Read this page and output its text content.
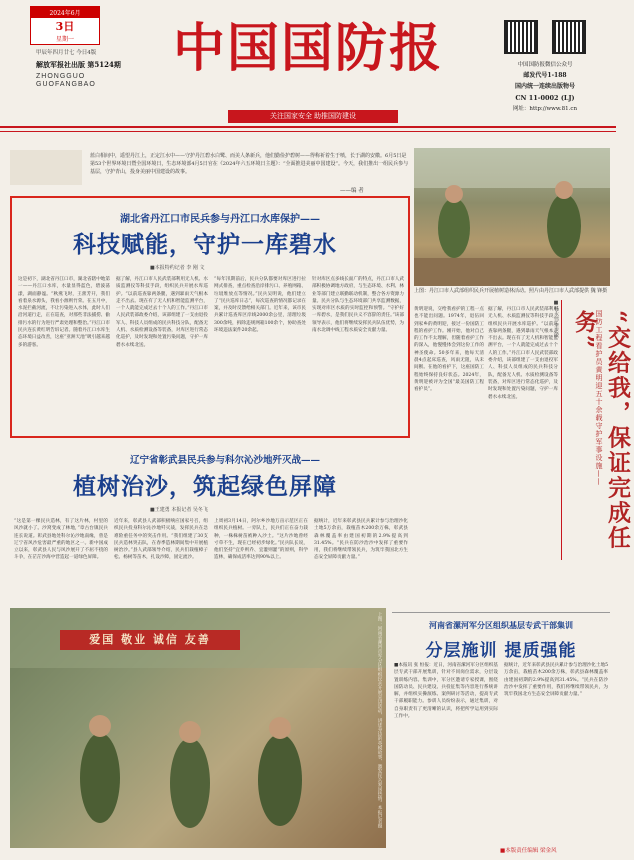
2024年6月
3日
星期一
甲辰年四月廿七 今日4版
解放军报社出版 第5124期
ZHONGGUO GUOFANGBAO
中国国防报
关注国家安全 助推国防建设

中国国防报微信公众号
邮发代号1-188
国内统一连续出版物号
CN 11-0002 (LJ)
网址：http://www.81.cn
蓝白相间中，遥望丹江上，正定江水中——守护丹江碧水白鹭、而美人条新兵，他们勤俭护碧树——得称祈着生于喷，长于湖的安徽。6月5日是第53个世界环境日暨全国环境日，生态环境部4月5日官在《2024年六五环境日主题》：“全面推进美丽中国建设”。今天，我们推出一组民兵参与基层，守护青山，投身美丽中国建设的故事。
——编 者
湖北省丹江口市民兵参与丹江口水库保护——
科技赋能，守护一库碧水
■本报特约记者 李 刚 文
这是初下，湖北省丹江口市，湖北省辖中地第一——丹江口水库，水量显得蓝色，碧波荡漾，湖面静谧。“秋燕飞时，王蕾芳开，我们看着泉水源头，我看小源则竹荣。在五月中，水泥拦截河流，不让污染进入水体，此时人们沿河道行走，正在巡查，对那些非法捕捞、偷排污水的行为进行严肃处理和整治。”丹江口市民兵连长黄红明告诉记者。随着丹江口水库生态环境日益改善，这座“亚洲天池”吸引越来越多的游客。
据了解，丹江口市人民武装部利用无人机、水质监测仪等科技手段，组织民兵开展水库巡护。“以前巡查靠两条腿，遇到暴雨天气根本走不出去。现在有了无人机和智能监测平台，一个人就能完成过去十个人的工作。”丹江口市人民武装部政委介绍，该部组建了一支由退役军人、科技人员组成的民兵科技分队，配备无人机、水质检测设备等装备，对库区进行常态化巡护，及时发现和处置污染问题，守护一库碧水永续北送。
“每年汛期前后，民兵分队都要对库区进行拉网式排查，重点检查沿岸排污口、养殖网箱、垃圾堆放点等情况。”民兵吴明说，他们建立了“民兵巡库日志”，每次巡查的情况都记录在案，并及时反馈给相关部门。近年来，该市民兵累计巡查库区岸线2000余公里，清理垃圾300余吨，拆除违规网箱100余个，协助查处环境违法案件20余起。
针对库区点多线长面广的特点，丹江口市人武部积极协调地方政府，与生态环境、水利、林业等部门建立联勤联动机制，整合各方资源力量。民兵分队与生态环境部门共享监测数据，实现对库区水质的实时监控和预警。“守护好一库碧水，是我们民兵义不容辞的责任。”该部领导表示，他们将继续发挥民兵队伍优势，为南水北调中线工程水质安全贡献力量。
辽宁省彰武县民兵参与科尔沁沙地歼灭战——
植树治沙，筑起绿色屏障
■王建勇 本报记者 吴冬飞
“这是第一棵民兵造林，有了这片林，村里的风沙就小了。沙窝变成了林地，”章古台镇民兵连长说道。彰武县地处科尔沁沙地南缘，曾是辽宁省风沙危害最严重的地区之一。新中国成立以来，彰武县人民与风沙展开了不屈不挠的斗争，在茫茫沙海中营造起一道绿色屏障。
近年来，彰武县人武部积极响应国家号召，组织民兵投身科尔沁沙地歼灭战，发挥民兵在急难险重任务中的突击作用。“我们组建了30支民兵造林突击队，在春季造林期间集中开展植树治沙。”县人武部领导介绍，民兵们栽植樟子松、杨树等苗木，扎设沙障，固定流沙。
上周初3月14日，阿尔乡沙地万亩示范区正在组织民兵植树。一旁队上，民兵们正在奋力栽种，一株株树苗被种入沙土。“这片沙地曾经寸草不生，现在已经初步绿化。”民兵队长说，他们坚持“宜乔则乔、宜灌则灌”的原则，科学造林，确保成活率达到90%以上。
据统计，近年来彰武县民兵累计参与治理沙化土地5万余亩，栽植苗木200余万株，彰武县森林覆盖率由建国初期的2.9%提高到31.45%。“民兵在防沙治沙中发挥了重要作用，我们将继续带领民兵，为筑牢我国北方生态安全屏障贡献力量。”
上图：丹江口市人武部组织民兵开展植树造林活动。照片由丹江口市人武部提供 魏 锋摄
黄明迎说，交给我看护的工程一点也不能出问题。1974年，退伍回到家乡的黄明迎，接过一份国防工程的看护工作。刚开始，他对自己的工作不太理解，但随着看护工作的深入，他慢慢体会到这份工作的神圣使命。50多年来，他每天清晨4点起床巡查，风雨无阻，从未间断。在他的看护下，这座国防工程始终保持良好状态。2024年，黄明迎被评为全国“最美国防工程看护员”。
据了解，丹江口市人民武装部利用无人机、水质监测仪等科技手段，组织民兵开展水库巡护。“以前巡查靠两条腿，遇到暴雨天气根本走不出去。现在有了无人机和智能监测平台，一个人就能完成过去十个人的工作。”丹江口市人民武装部政委介绍，该部组建了一支由退役军人、科技人员组成的民兵科技分队，配备无人机、水质检测设备等装备，对库区进行常态化巡护，及时发现和处置污染问题，守护一库碧水永续北送。	国防工程看护员黄明迎五十余载守护军事设施—— “交给我，保证完成任务”
■杨永伟 李卫敏
爱国 敬业 诚信 友善	上图：河南省漯河市军分区组织民兵开展宣讲活动，讲述身边的英模故事，激发民兵爱国热情。本报记者摄	河南省漯河军分区组织基层专武干部集训
分层施训 提质强能
■本报讯 张 恒报：近日，河南省漯河军分区组织基层专武干部开展集训，针对不同岗位需求，分层设置训练内容。集训中，军分区邀请专家授课，围绕国防动员、民兵建设、兵役征集等内容进行系统讲解，并组织实操演练、案例研讨等活动，提高专武干部履职能力。参训人员纷纷表示，通过集训，对自身职责有了更清晰的认识，将把所学运用到实际工作中。
据统计，近年来彰武县民兵累计参与治理沙化土地5万余亩，栽植苗木200余万株，彰武县森林覆盖率由建国初期的2.9%提高到31.45%。“民兵在防沙治沙中发挥了重要作用，我们将继续带领民兵，为筑牢我国北方生态安全屏障贡献力量。”
■本版责任编辑 梁金风
